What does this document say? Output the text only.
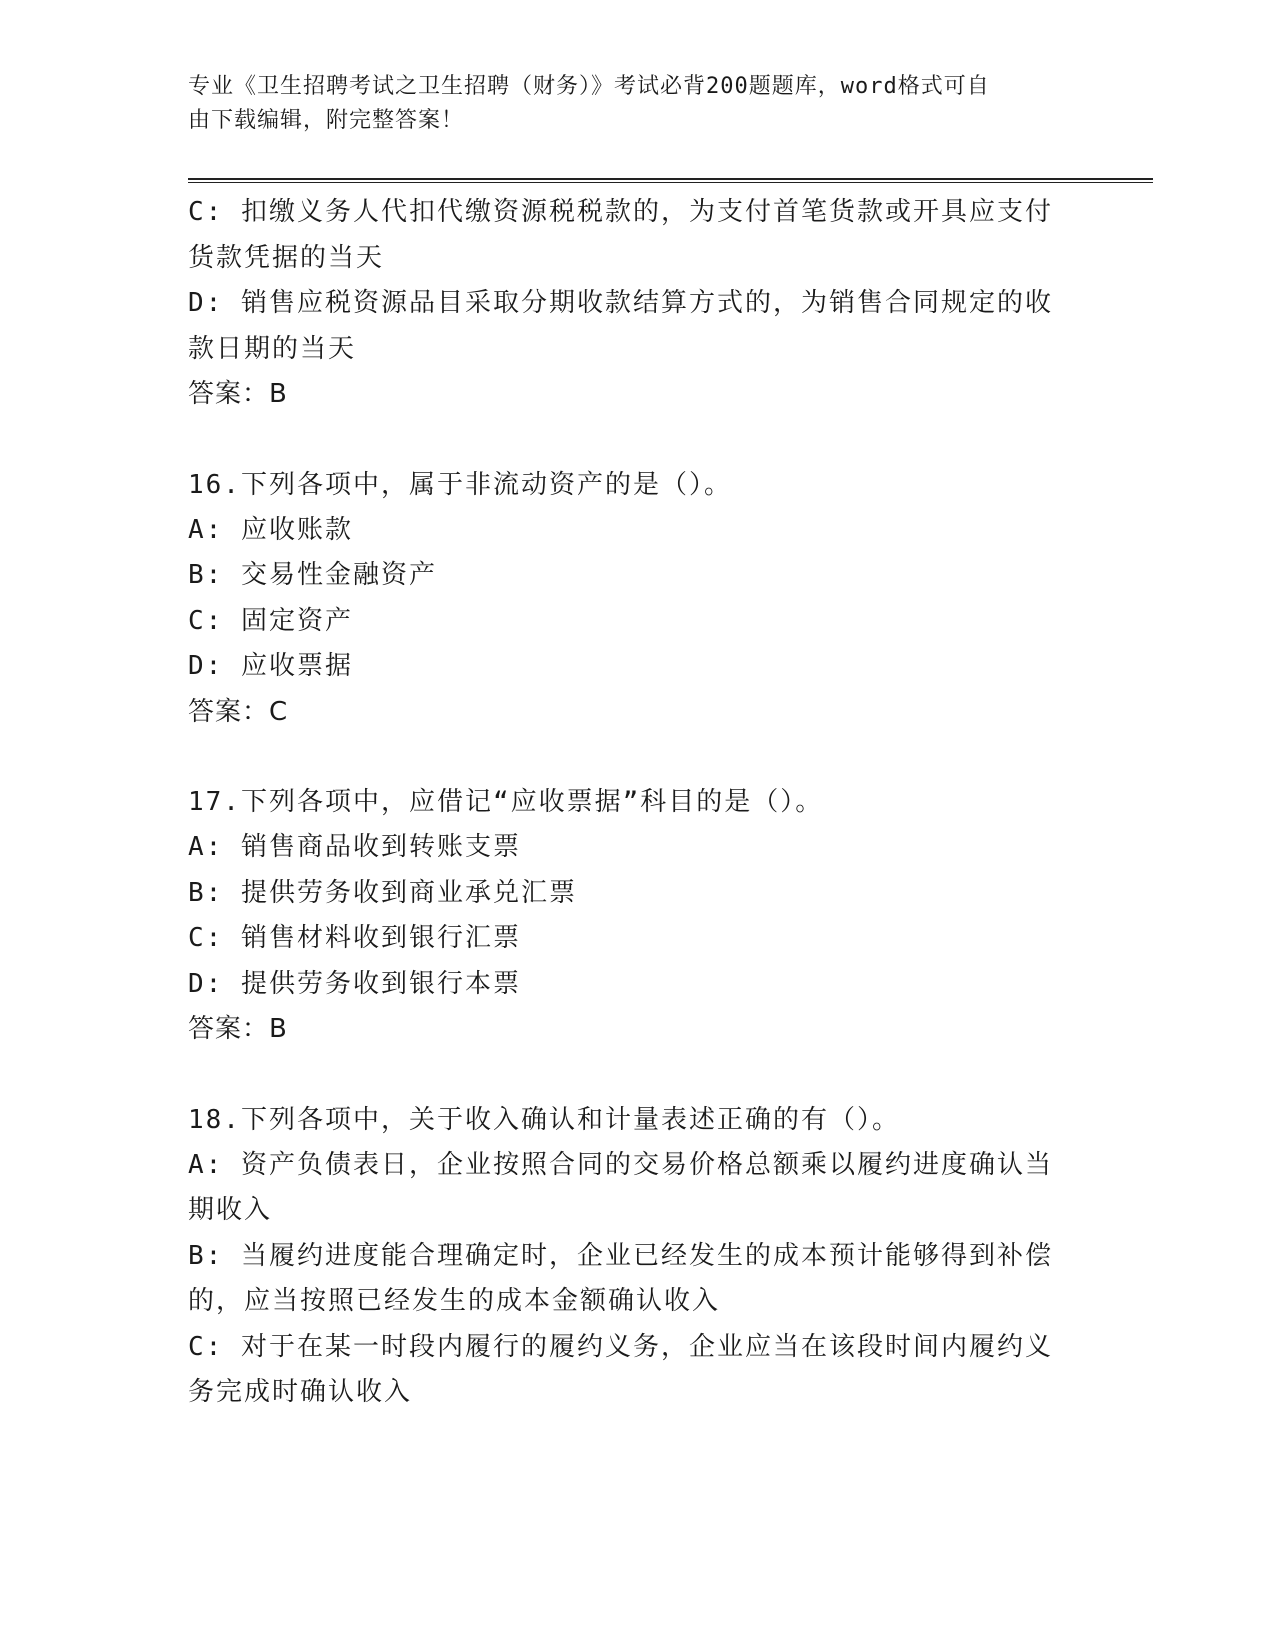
专业《卫生招聘考试之卫生招聘（财务）》考试必背200题题库，word格式可自
由下载编辑，附完整答案！
C: 扣缴义务人代扣代缴资源税税款的，为支付首笔货款或开具应支付
货款凭据的当天
D: 销售应税资源品目采取分期收款结算方式的，为销售合同规定的收
款日期的当天
答案：B
16.下列各项中，属于非流动资产的是（）。
A: 应收账款
B: 交易性金融资产
C: 固定资产
D: 应收票据
答案：C
17.下列各项中，应借记“应收票据”科目的是（）。
A: 销售商品收到转账支票
B: 提供劳务收到商业承兑汇票
C: 销售材料收到银行汇票
D: 提供劳务收到银行本票
答案：B
18.下列各项中，关于收入确认和计量表述正确的有（）。
A: 资产负债表日，企业按照合同的交易价格总额乘以履约进度确认当
期收入
B: 当履约进度能合理确定时，企业已经发生的成本预计能够得到补偿
的，应当按照已经发生的成本金额确认收入
C: 对于在某一时段内履行的履约义务，企业应当在该段时间内履约义
务完成时确认收入
